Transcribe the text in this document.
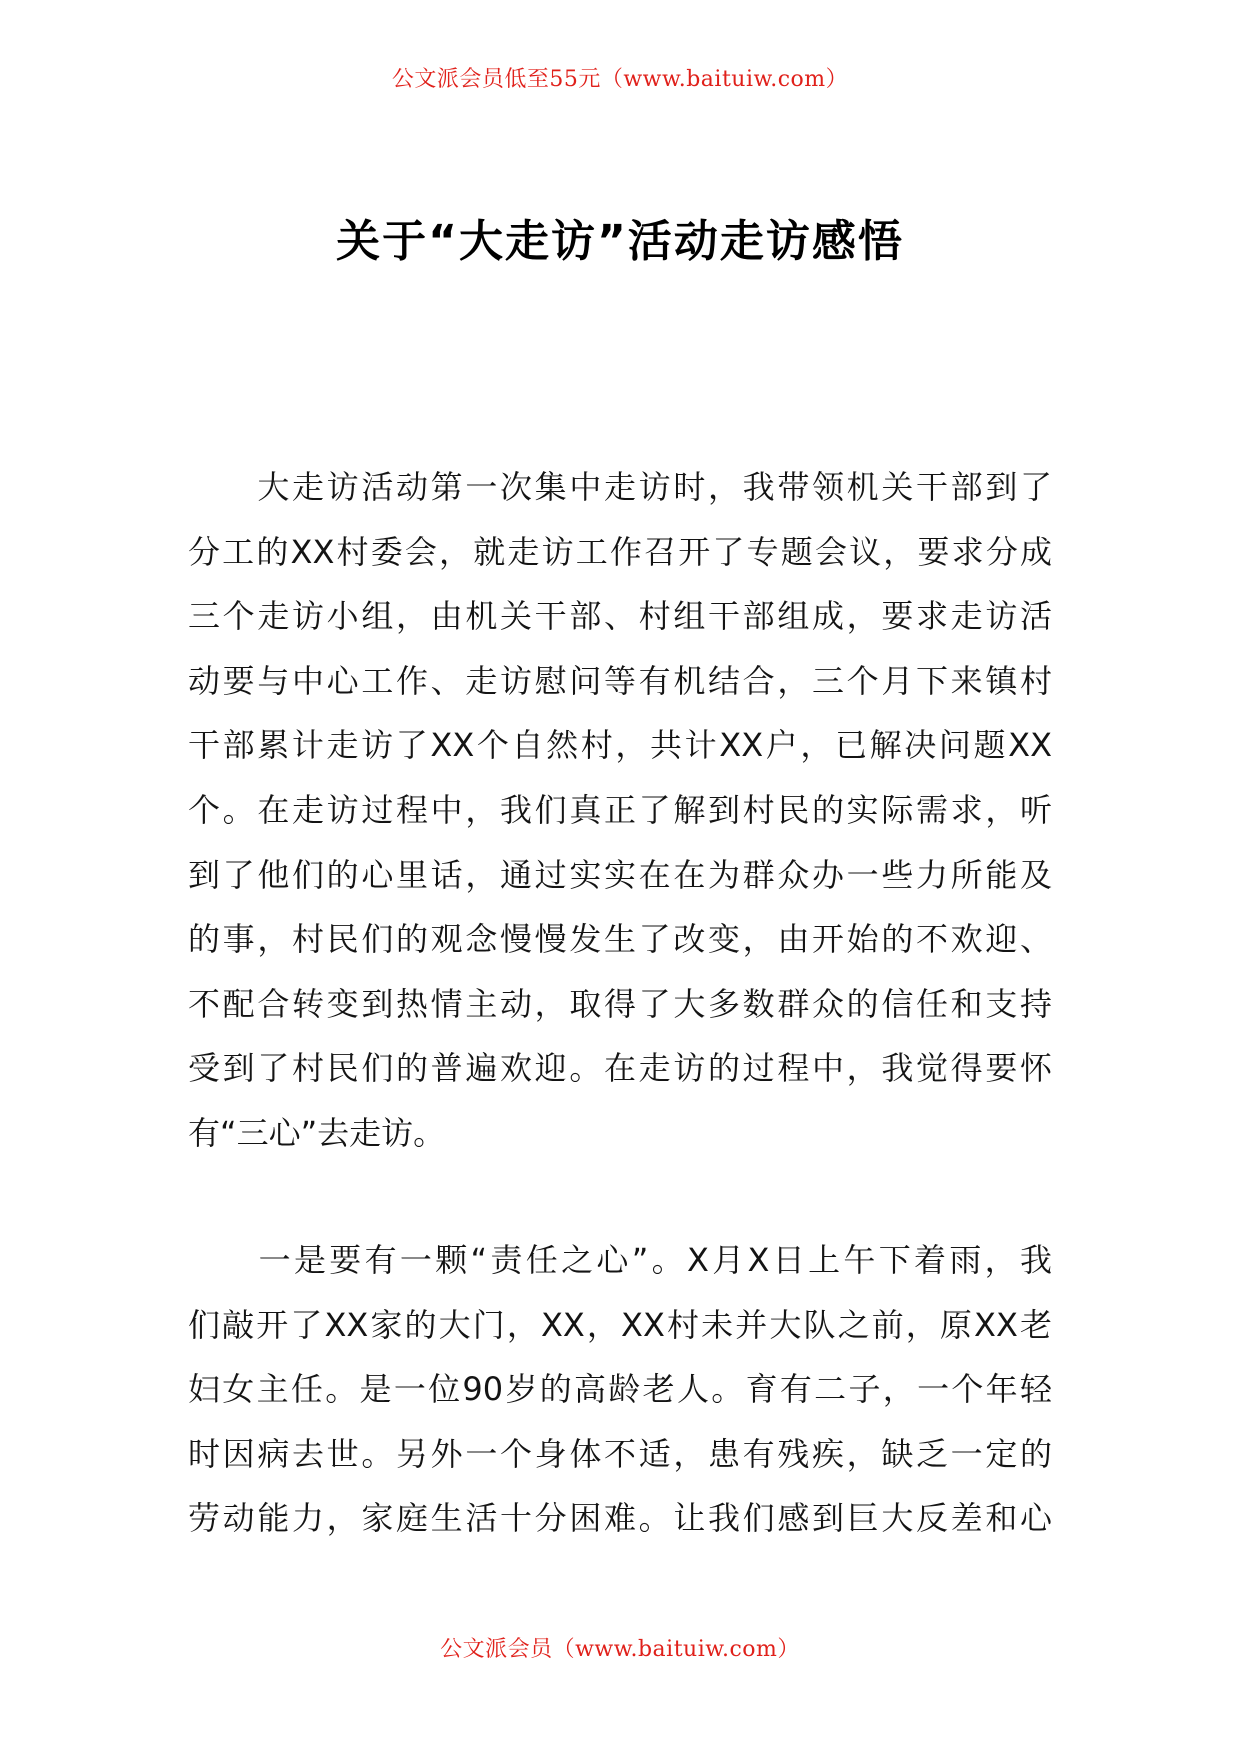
公文派会员低至55元（www.baituiw.com）
关于“大走访”活动走访感悟
　　大走访活动第一次集中走访时，我带领机关干部到了
分工的XX村委会，就走访工作召开了专题会议，要求分成
三个走访小组，由机关干部、村组干部组成，要求走访活
动要与中心工作、走访慰问等有机结合，三个月下来镇村
干部累计走访了XX个自然村，共计XX户，已解决问题XX
个。在走访过程中，我们真正了解到村民的实际需求，听
到了他们的心里话，通过实实在在为群众办一些力所能及
的事，村民们的观念慢慢发生了改变，由开始的不欢迎、
不配合转变到热情主动，取得了大多数群众的信任和支持
受到了村民们的普遍欢迎。在走访的过程中，我觉得要怀
有“三心”去走访。
　　一是要有一颗“责任之心”。X月X日上午下着雨，我
们敲开了XX家的大门，XX，XX村未并大队之前，原XX老
妇女主任。是一位90岁的高龄老人。育有二子，一个年轻
时因病去世。另外一个身体不适，患有残疾，缺乏一定的
劳动能力，家庭生活十分困难。让我们感到巨大反差和心
公文派会员（www.baituiw.com）
